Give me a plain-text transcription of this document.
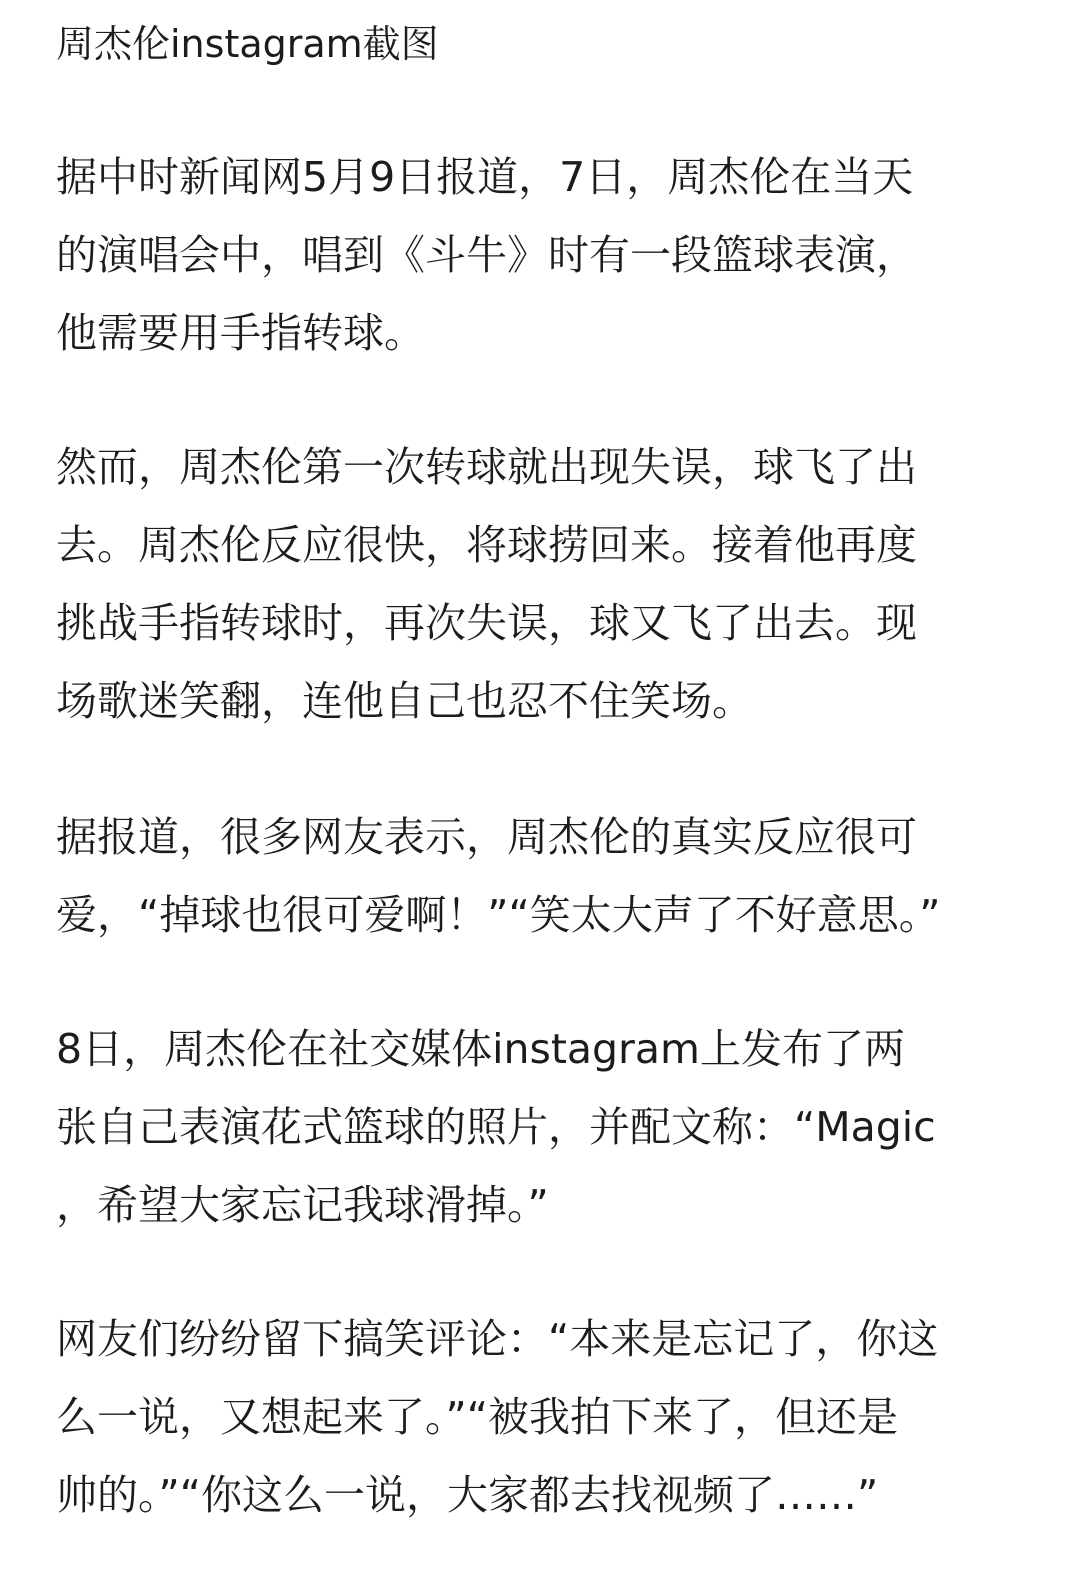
周杰伦instagram截图

据中时新闻网5月9日报道，7日，周杰伦在当天
的演唱会中，唱到《斗牛》时有一段篮球表演，
他需要用手指转球。

然而，周杰伦第一次转球就出现失误，球飞了出
去。周杰伦反应很快，将球捞回来。接着他再度
挑战手指转球时，再次失误，球又飞了出去。现
场歌迷笑翻，连他自己也忍不住笑场。

据报道，很多网友表示，周杰伦的真实反应很可
爱，“掉球也很可爱啊！”“笑太大声了不好意思。”

8日，周杰伦在社交媒体instagram上发布了两
张自己表演花式篮球的照片，并配文称：“Magic
，希望大家忘记我球滑掉。”

网友们纷纷留下搞笑评论：“本来是忘记了，你这
么一说，又想起来了。”“被我拍下来了，但还是
帅的。”“你这么一说，大家都去找视频了……”
